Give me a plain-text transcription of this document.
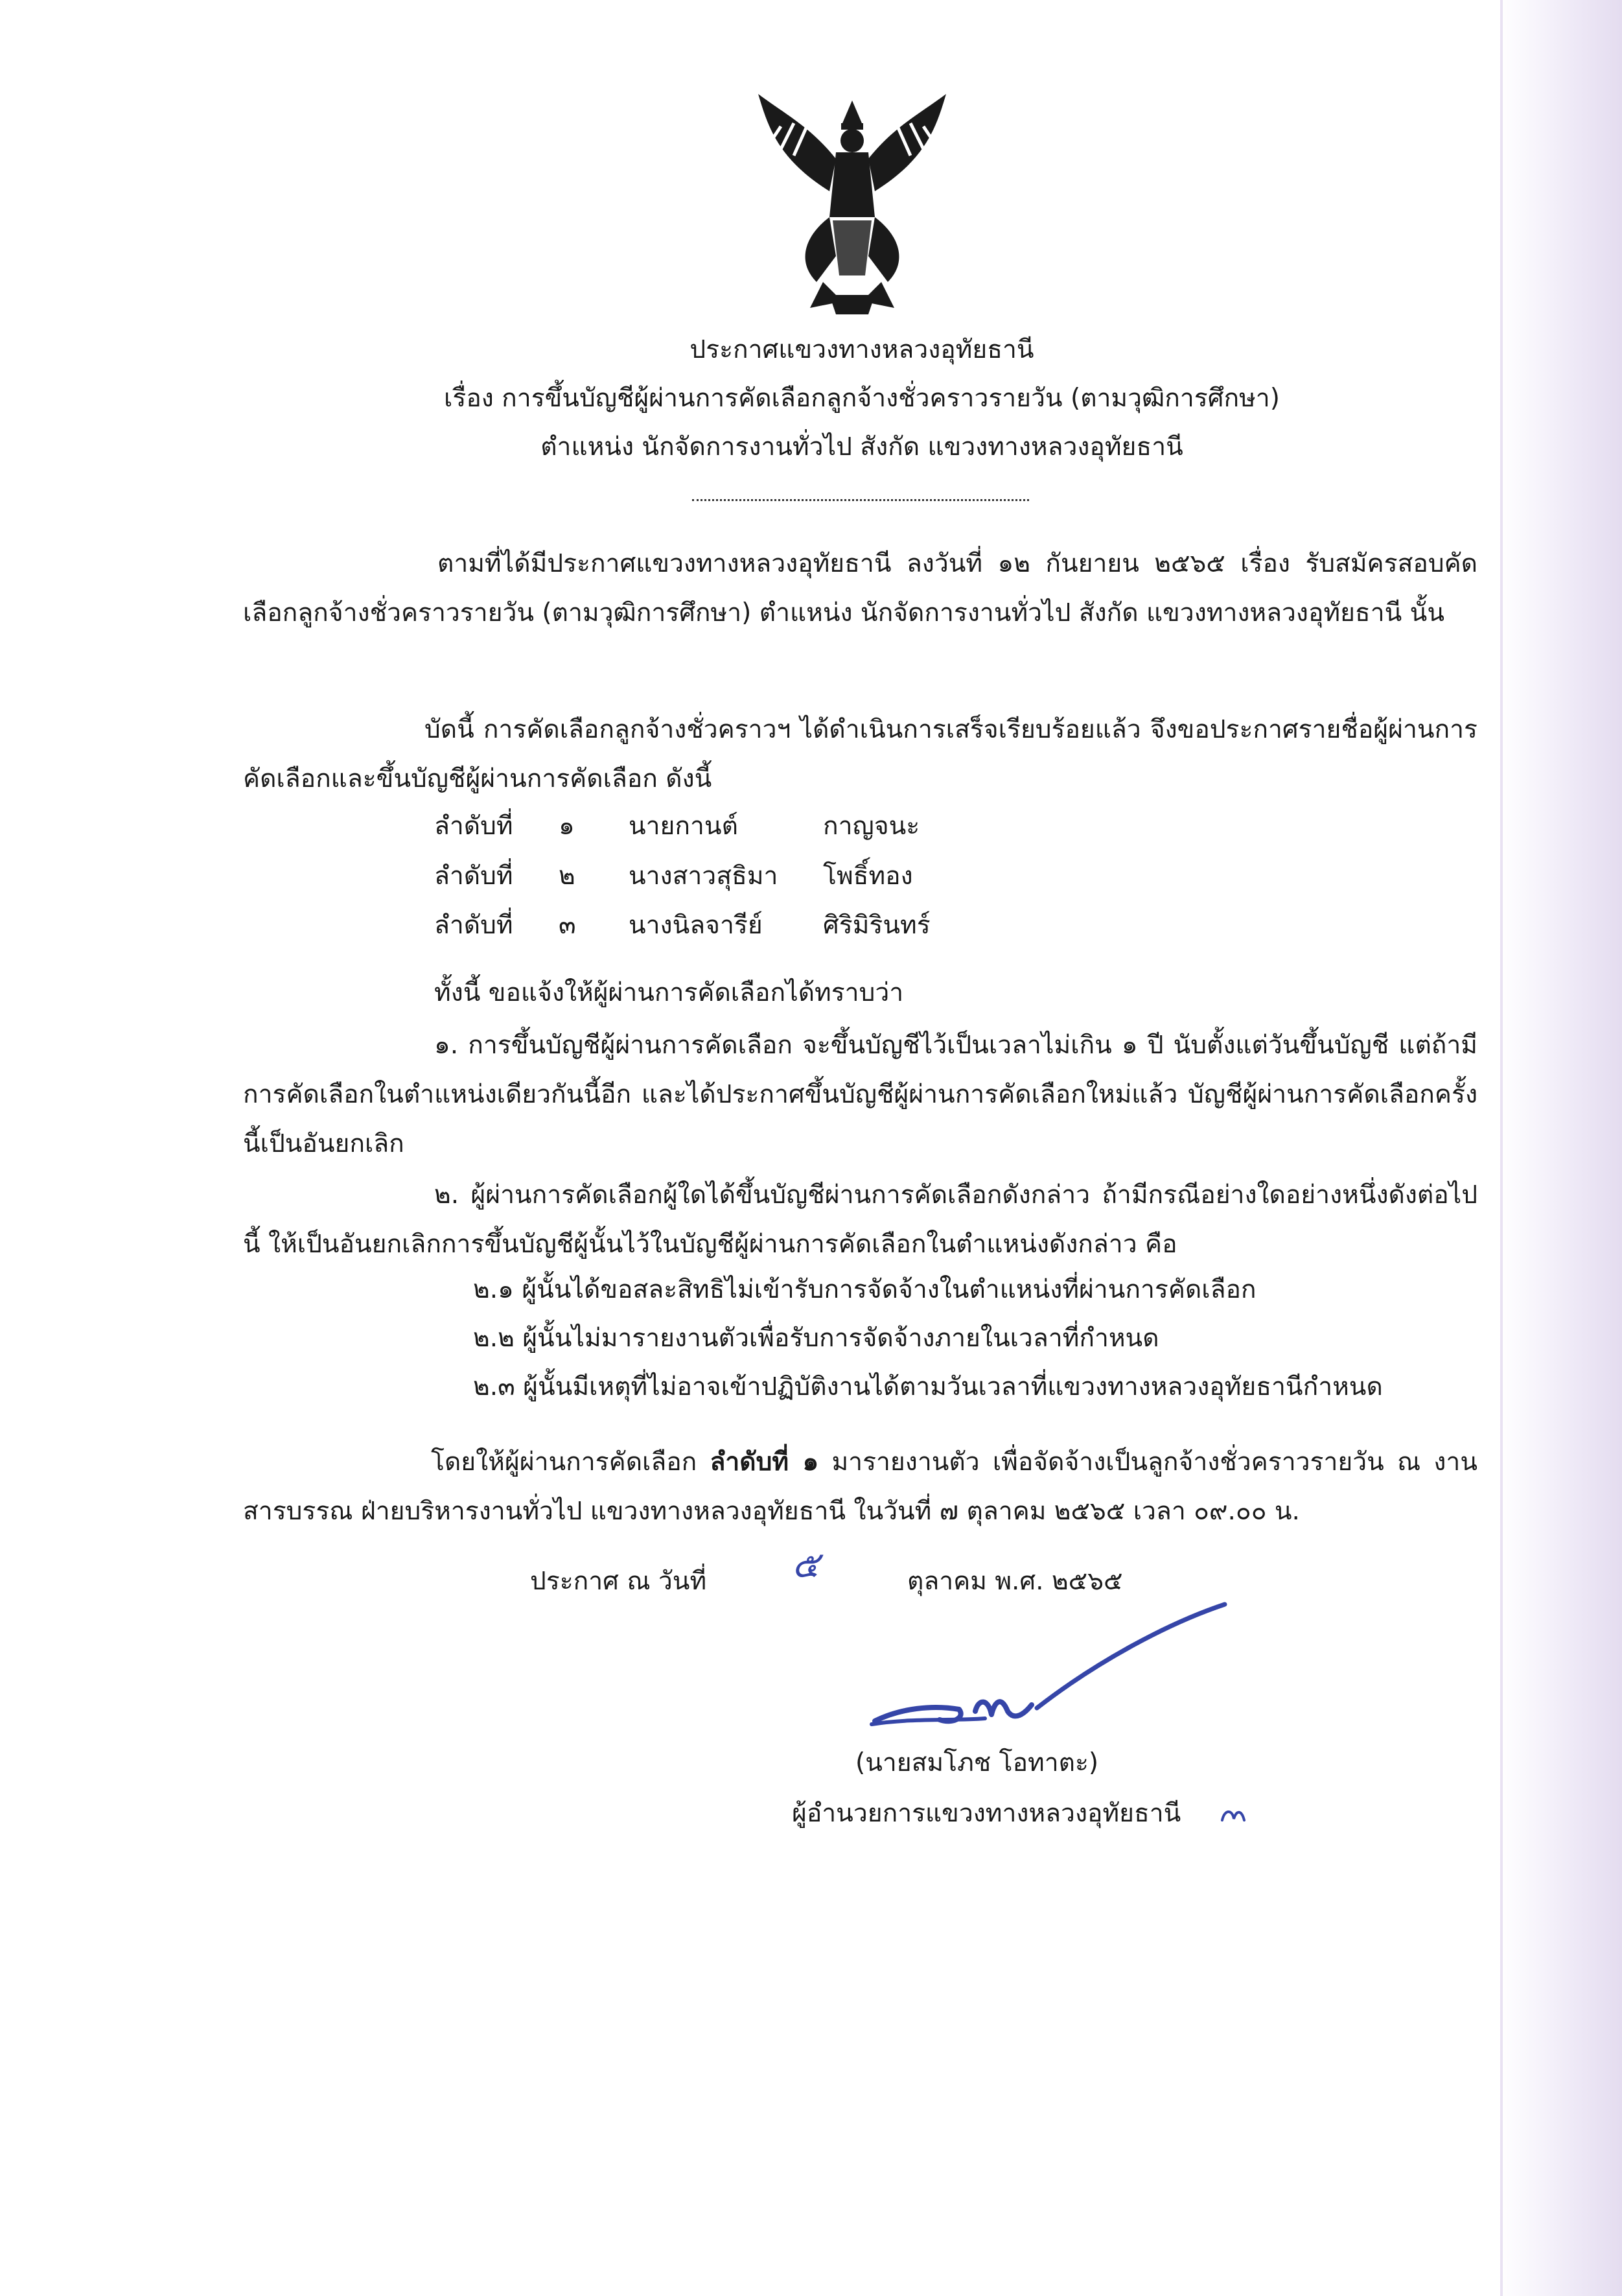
ประกาศแขวงทางหลวงอุทัยธานี
เรื่อง การขึ้นบัญชีผู้ผ่านการคัดเลือกลูกจ้างชั่วคราวรายวัน (ตามวุฒิการศึกษา)
ตำแหน่ง นักจัดการงานทั่วไป สังกัด แขวงทางหลวงอุทัยธานี
ตามที่ได้มีประกาศแขวงทางหลวงอุทัยธานี ลงวันที่ ๑๒ กันยายน ๒๕๖๕ เรื่อง รับสมัครสอบคัดเลือกลูกจ้างชั่วคราวรายวัน (ตามวุฒิการศึกษา) ตำแหน่ง นักจัดการงานทั่วไป สังกัด แขวงทางหลวงอุทัยธานี นั้น
บัดนี้ การคัดเลือกลูกจ้างชั่วคราวฯ ได้ดำเนินการเสร็จเรียบร้อยแล้ว จึงขอประกาศรายชื่อผู้ผ่านการคัดเลือกและขึ้นบัญชีผู้ผ่านการคัดเลือก ดังนี้
ลำดับที่ ๑ นายกานต์	กาญจนะ
ลำดับที่ ๒ นางสาวสุธิมา โพธิ์ทอง
ลำดับที่ ๓ นางนิลจารีย์ ศิริมิรินทร์
ทั้งนี้ ขอแจ้งให้ผู้ผ่านการคัดเลือกได้ทราบว่า
๑. การขึ้นบัญชีผู้ผ่านการคัดเลือก จะขึ้นบัญชีไว้เป็นเวลาไม่เกิน ๑ ปี นับตั้งแต่วันขึ้นบัญชี แต่ถ้ามีการคัดเลือกในตำแหน่งเดียวกันนี้อีก และได้ประกาศขึ้นบัญชีผู้ผ่านการคัดเลือกใหม่แล้ว บัญชีผู้ผ่านการคัดเลือกครั้งนี้เป็นอันยกเลิก
๒. ผู้ผ่านการคัดเลือกผู้ใดได้ขึ้นบัญชีผ่านการคัดเลือกดังกล่าว ถ้ามีกรณีอย่างใดอย่างหนึ่งดังต่อไปนี้ ให้เป็นอันยกเลิกการขึ้นบัญชีผู้นั้นไว้ในบัญชีผู้ผ่านการคัดเลือกในตำแหน่งดังกล่าว คือ
๒.๑ ผู้นั้นได้ขอสละสิทธิไม่เข้ารับการจัดจ้างในตำแหน่งที่ผ่านการคัดเลือก
๒.๒ ผู้นั้นไม่มารายงานตัวเพื่อรับการจัดจ้างภายในเวลาที่กำหนด
๒.๓ ผู้นั้นมีเหตุที่ไม่อาจเข้าปฏิบัติงานได้ตามวันเวลาที่แขวงทางหลวงอุทัยธานีกำหนด
โดยให้ผู้ผ่านการคัดเลือก ลำดับที่ ๑ มารายงานตัว เพื่อจัดจ้างเป็นลูกจ้างชั่วคราวรายวัน ณ งานสารบรรณ ฝ่ายบริหารงานทั่วไป แขวงทางหลวงอุทัยธานี ในวันที่ ๗ ตุลาคม ๒๕๖๕ เวลา ๐๙.๐๐ น.
ประกาศ ณ วันที่ ๕	ตุลาคม พ.ศ. ๒๕๖๕
(นายสมโภช โอทาตะ)
ผู้อำนวยการแขวงทางหลวงอุทัยธานี
